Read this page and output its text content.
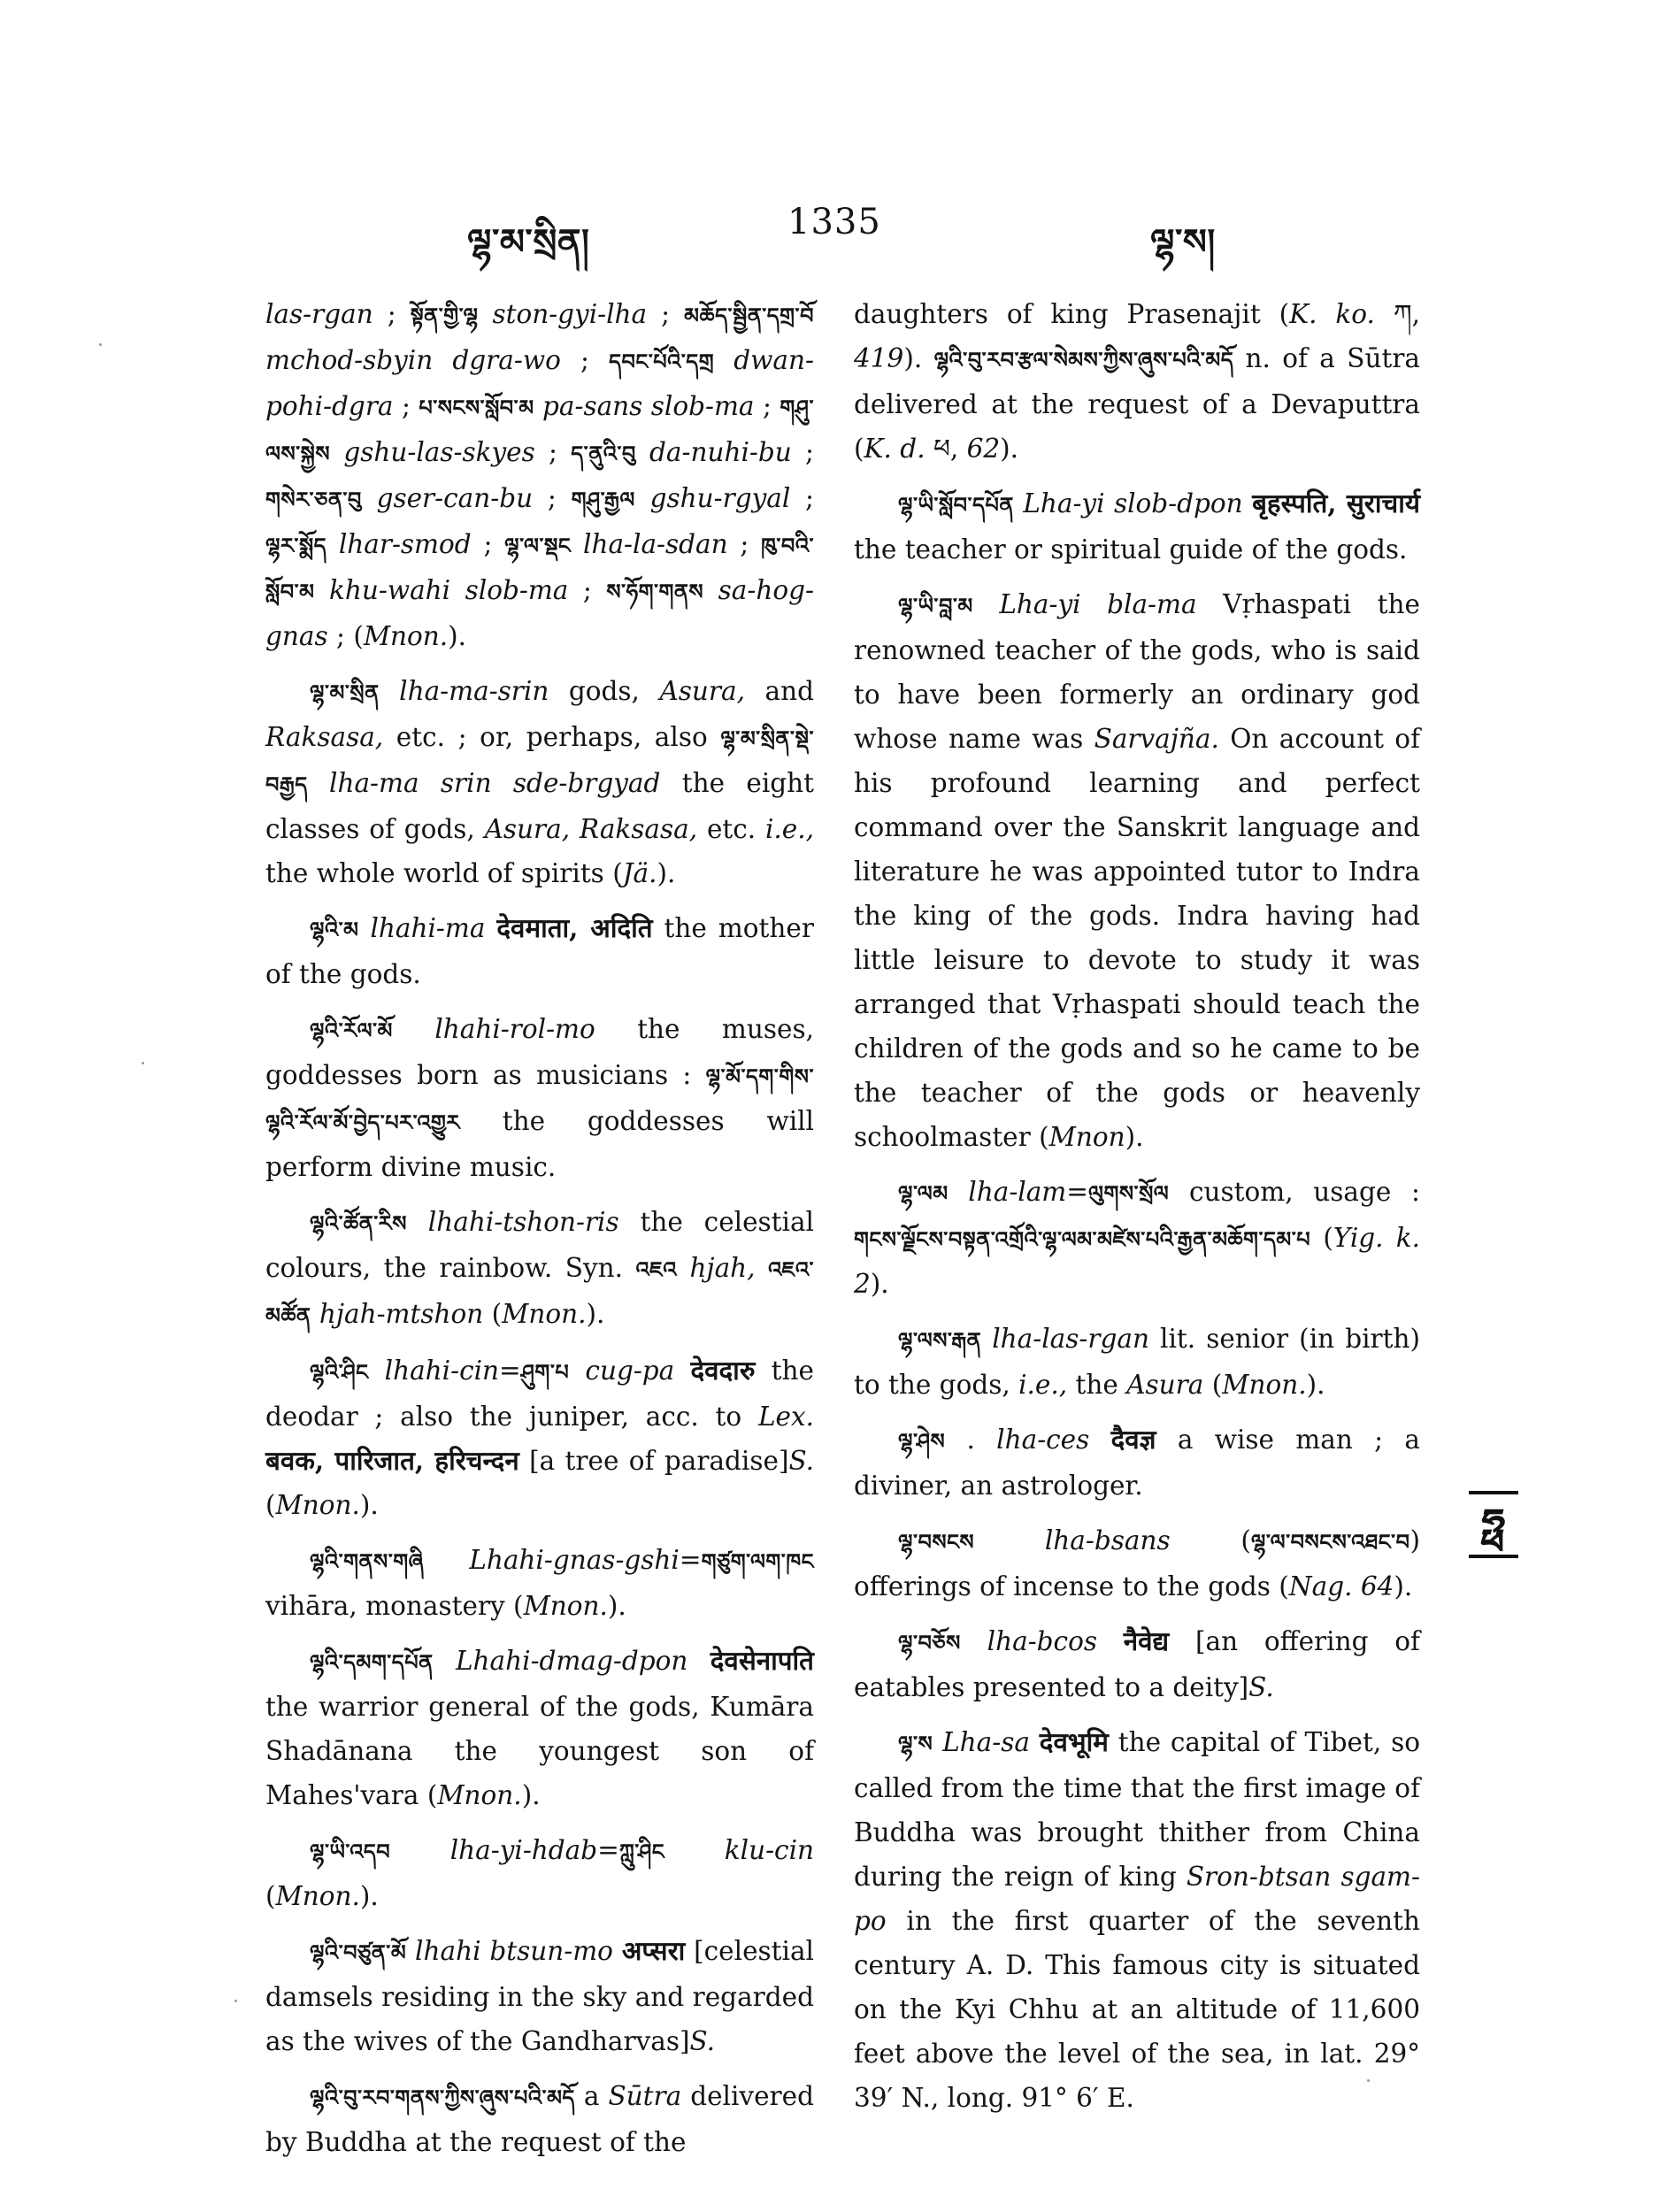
ལྷ་མ་སྲིན།	1335	ལྷ་ས།

las-rgan ; སྟོན་གྱི་ལྷ ston-gyi-lha ; མཆོད་སྦྱིན་དགྲ་བོ mchod-sbyin dgra-wo ; དབང་པོའི་དགྲ dwan-pohi-dgra ; པ་སངས་སློབ་མ pa-sans slob-ma ; གཤུ་ལས་སྐྱེས gshu-las-skyes ; ད་ནུའི་བུ da-nuhi-bu ; གསེར་ཅན་བུ gser-can-bu ; གཤུ་རྒྱལ gshu-rgyal ; ལྷར་སྨོད lhar-smod ; ལྷ་ལ་སྡང lha-la-sdan ; ཁུ་བའི་སློབ་མ khu-wahi slob-ma ; ས་ཧོག་གནས sa-hog-gnas ; (Mnon.).

ལྷ་མ་སྲིན lha-ma-srin gods, Asura, and Raksasa, etc. ; or, perhaps, also ལྷ་མ་སྲིན་སྡེ་བརྒྱད lha-ma srin sde-brgyad the eight classes of gods, Asura, Raksasa, etc. i.e., the whole world of spirits (Jä.).

ལྷའི་མ lhahi-ma देवमाता, अदिति the mother of the gods.

ལྷའི་རོལ་མོ lhahi-rol-mo the muses, goddesses born as musicians : ལྷ་མོ་དག་གིས་ལྷའི་རོལ་མོ་བྱེད་པར་འགྱུར the goddesses will perform divine music.

ལྷའི་ཚོན་རིས lhahi-tshon-ris the celestial colours, the rainbow. Syn. འཇའ hjah, འཇའ་མཚོན hjah-mtshon (Mnon.).

ལྷའི་ཤིང lhahi-cin=ཤུག་པ cug-pa देवदारु the deodar ; also the juniper, acc. to Lex. बवक, पारिजात, हरिचन्दन [a tree of paradise]S. (Mnon.).

ལྷའི་གནས་གཞི Lhahi-gnas-gshi=གཙུག་ལག་ཁང vihāra, monastery (Mnon.).

ལྷའི་དམག་དཔོན Lhahi-dmag-dpon देवसेनापति the warrior general of the gods, Kumāra Shadānana the youngest son of Mahes'vara (Mnon.).

ལྷ་ཡི་འདབ lha-yi-hdab=ཀླུ་ཤིང klu-cin (Mnon.).

ལྷའི་བཙུན་མོ lhahi btsun-mo अप्सरा [celestial damsels residing in the sky and regarded as the wives of the Gandharvas]S.

ལྷའི་བུ་རབ་གནས་ཀྱིས་ཞུས་པའི་མདོ a Sūtra delivered by Buddha at the request of the

daughters of king Prasenajit (K. ko. ཀ, 419). ལྷའི་བུ་རབ་རྩལ་སེམས་ཀྱིས་ཞུས་པའི་མདོ n. of a Sūtra delivered at the request of a Devaputtra (K. d. ཕ, 62).

ལྷ་ཡི་སློབ་དཔོན Lha-yi slob-dpon बृहस्पति, सुराचार्य the teacher or spiritual guide of the gods.

ལྷ་ཡི་བླ་མ Lha-yi bla-ma Vṛhaspati the renowned teacher of the gods, who is said to have been formerly an ordinary god whose name was Sarvajña. On account of his profound learning and perfect command over the Sanskrit language and literature he was appointed tutor to Indra the king of the gods. Indra having had little leisure to devote to study it was arranged that Vṛhaspati should teach the children of the gods and so he came to be the teacher of the gods or heavenly schoolmaster (Mnon).

ལྷ་ལམ lha-lam=ལུགས་སྲོལ custom, usage : གངས་ལྗོངས་བསྟན་འགྲོའི་ལྷ་ལམ་མཛེས་པའི་རྒྱན་མཆོག་དམ་པ (Yig. k. 2).

ལྷ་ལས་རྒན lha-las-rgan lit. senior (in birth) to the gods, i.e., the Asura (Mnon.).

ལྷ་ཤེས . lha-ces दैवज्ञ a wise man ; a diviner, an astrologer.

ལྷ་བསངས	lha-bsans (ལྷ་ལ་བསངས་འཐང་བ) offerings of incense to the gods (Nag. 64).

ལྷ་བཅོས lha-bcos नैवेद्य [an offering of eatables presented to a deity]S.

ལྷ་ས Lha-sa देवभूमि the capital of Tibet, so called from the time that the first image of Buddha was brought thither from China during the reign of king Sron-btsan sgam-po in the first quarter of the seventh century A. D. This famous city is situated on the Kyi Chhu at an altitude of 11,600 feet above the level of the sea, in lat. 29° 39′ N., long. 91° 6′ E.

ཧྥ
